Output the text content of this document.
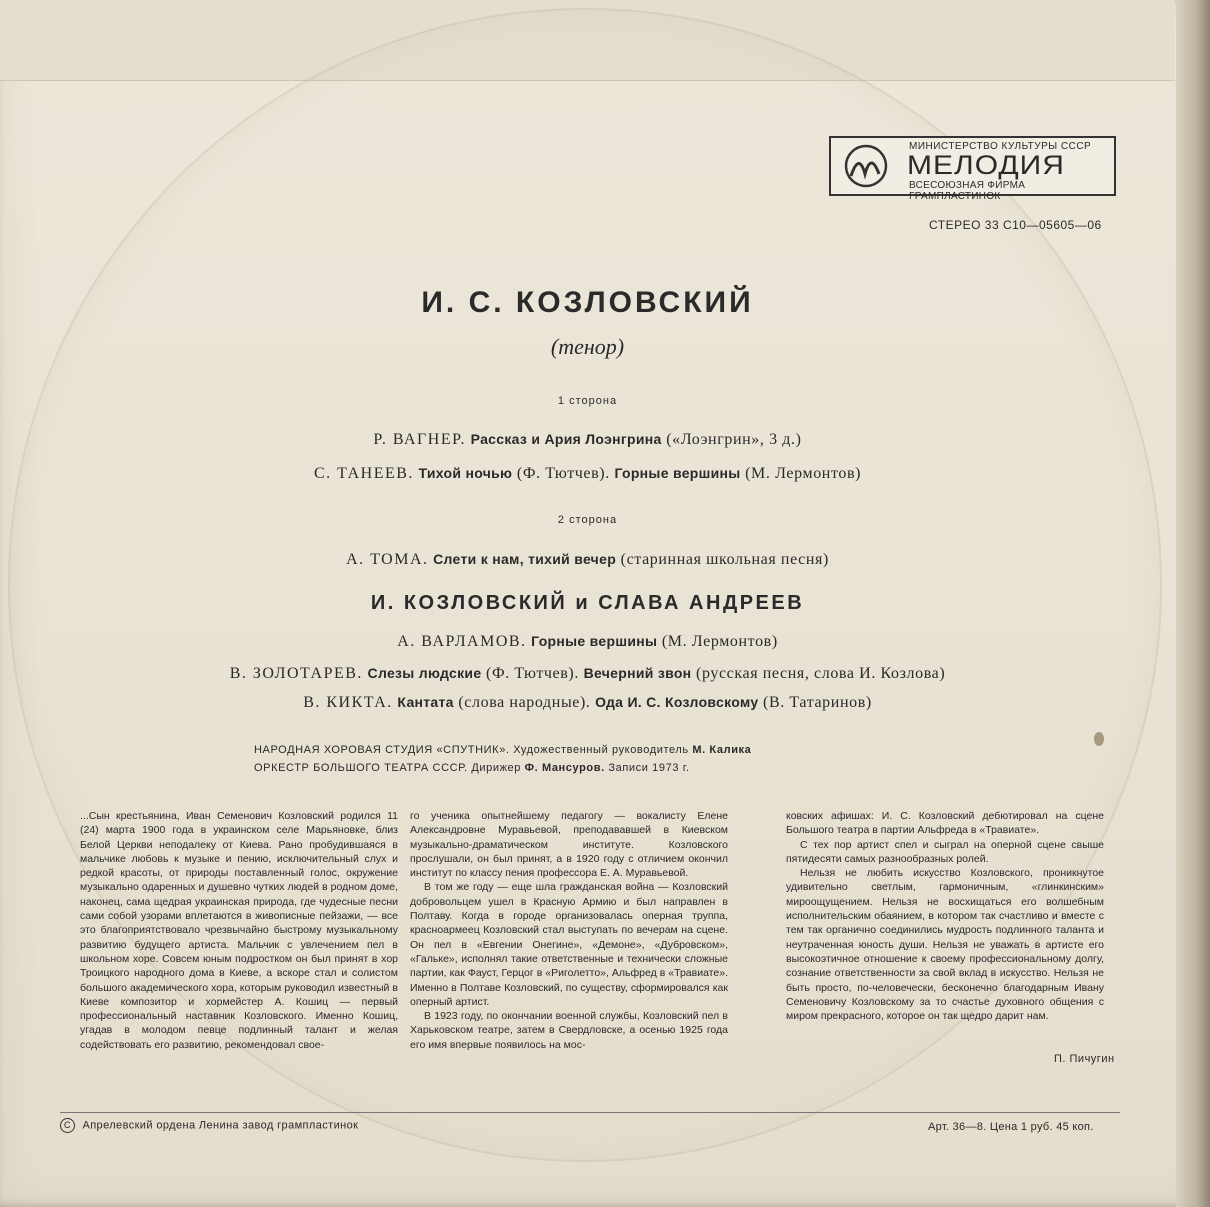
МИНИСТЕРСТВО КУЛЬТУРЫ СССР
МЕЛОДИЯ
ВСЕСОЮЗНАЯ ФИРМА ГРАМПЛАСТИНОК
СТЕРЕО 33 С10—05605—06
И. С. КОЗЛОВСКИЙ
(тенор)
1 сторона
Р. ВАГНЕР. Рассказ и Ария Лоэнгрина («Лоэнгрин», 3 д.)
С. ТАНЕЕВ. Тихой ночью (Ф. Тютчев). Горные вершины (М. Лермонтов)
2 сторона
А. ТОМА. Слети к нам, тихий вечер (старинная школьная песня)
И. КОЗЛОВСКИЙ и СЛАВА АНДРЕЕВ
А. ВАРЛАМОВ. Горные вершины (М. Лермонтов)
В. ЗОЛОТАРЕВ. Слезы людские (Ф. Тютчев). Вечерний звон (русская песня, слова И. Козлова)
В. КИКТА. Кантата (слова народные). Ода И. С. Козловскому (В. Татаринов)
НАРОДНАЯ ХОРОВАЯ СТУДИЯ «СПУТНИК». Художественный руководитель М. Калика
ОРКЕСТР БОЛЬШОГО ТЕАТРА СССР. Дирижер Ф. Мансуров. Записи 1973 г.

...Сын крестьянина, Иван Семенович Козловский родился 11 (24) марта 1900 года в украинском селе Марьяновке, близ Белой Церкви неподалеку от Киева. Рано пробудившаяся в мальчике любовь к музыке и пению, исключительный слух и редкой красоты, от природы поставленный голос, окружение музыкально одаренных и душевно чутких людей в родном доме, наконец, сама щедрая украинская природа, где чудесные песни сами собой узорами вплетаются в живописные пейзажи, — все это благоприятствовало чрезвычайно быстрому музыкальному развитию будущего артиста. Мальчик с увлечением пел в школьном хоре. Совсем юным подростком он был принят в хор Троицкого народного дома в Киеве, а вскоре стал и солистом большого академического хора, которым руководил известный в Киеве композитор и хормейстер А. Кошиц — первый профессиональный наставник Козловского. Именно Кошиц, угадав в молодом певце подлинный талант и желая содействовать его развитию, рекомендовал свое-

го ученика опытнейшему педагогу — вокалисту Елене Александровне Муравьевой, преподававшей в Киевском музыкально-драматическом институте. Козловского прослушали, он был принят, а в 1920 году с отличием окончил институт по классу пения профессора Е. А. Муравьевой.

В том же году — еще шла гражданская война — Козловский добровольцем ушел в Красную Армию и был направлен в Полтаву. Когда в городе организовалась оперная труппа, красноармеец Козловский стал выступать по вечерам на сцене. Он пел в «Евгении Онегине», «Демоне», «Дубровском», «Гальке», исполнял такие ответственные и технически сложные партии, как Фауст, Герцог в «Риголетто», Альфред в «Травиате». Именно в Полтаве Козловский, по существу, сформировался как оперный артист.

В 1923 году, по окончании военной службы, Козловский пел в Харьковском театре, затем в Свердловске, а осенью 1925 года его имя впервые появилось на мос-

ковских афишах: И. С. Козловский дебютировал на сцене Большого театра в партии Альфреда в «Травиате».

С тех пор артист спел и сыграл на оперной сцене свыше пятидесяти самых разнообразных ролей.

Нельзя не любить искусство Козловского, проникнутое удивительно светлым, гармоничным, «глинкинским» мироощущением. Нельзя не восхищаться его волшебным исполнительским обаянием, в котором так счастливо и вместе с тем так органично соединились мудрость подлинного таланта и неутраченная юность души. Нельзя не уважать в артисте его высокоэтичное отношение к своему профессиональному долгу, сознание ответственности за свой вклад в искусство. Нельзя не быть просто, по-человечески, бесконечно благодарным Ивану Семеновичу Козловскому за то счастье духовного общения с миром прекрасного, которое он так щедро дарит нам.

П. Пичугин
С Апрелевский ордена Ленина завод грампластинок	Арт. 36—8. Цена 1 руб. 45 коп.
